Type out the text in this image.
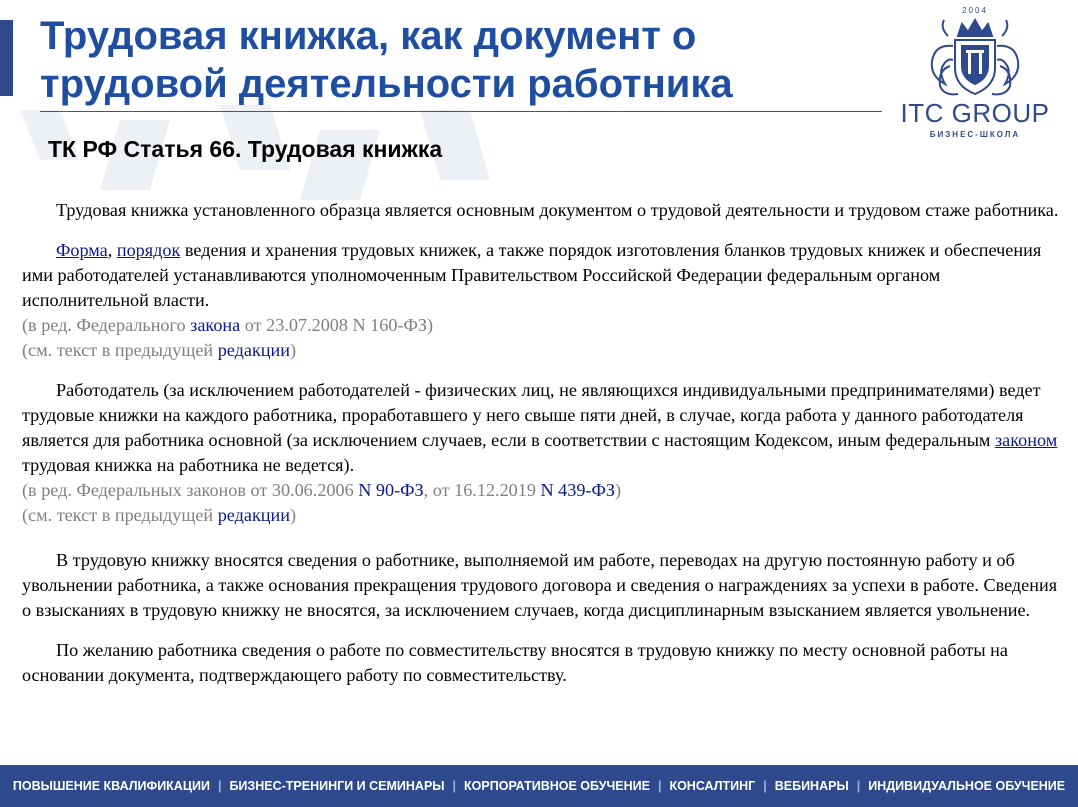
Трудовая книжка, как документ о трудовой деятельности работника
2004
ITC GROUP
БИЗНЕС-ШКОЛА
ТК РФ Статья 66. Трудовая книжка

Трудовая книжка установленного образца является основным документом о трудовой деятельности и трудовом стаже работника.

Форма, порядок ведения и хранения трудовых книжек, а также порядок изготовления бланков трудовых книжек и обеспечения ими работодателей устанавливаются уполномоченным Правительством Российской Федерации федеральным органом исполнительной власти.

(в ред. Федерального закона от 23.07.2008 N 160-ФЗ)

(см. текст в предыдущей редакции)

Работодатель (за исключением работодателей - физических лиц, не являющихся индивидуальными предпринимателями) ведет трудовые книжки на каждого работника, проработавшего у него свыше пяти дней, в случае, когда работа у данного работодателя является для работника основной (за исключением случаев, если в соответствии с настоящим Кодексом, иным федеральным законом трудовая книжка на работника не ведется).

(в ред. Федеральных законов от 30.06.2006 N 90-ФЗ, от 16.12.2019 N 439-ФЗ)

(см. текст в предыдущей редакции)

В трудовую книжку вносятся сведения о работнике, выполняемой им работе, переводах на другую постоянную работу и об увольнении работника, а также основания прекращения трудового договора и сведения о награждениях за успехи в работе. Сведения о взысканиях в трудовую книжку не вносятся, за исключением случаев, когда дисциплинарным взысканием является увольнение.

По желанию работника сведения о работе по совместительству вносятся в трудовую книжку по месту основной работы на основании документа, подтверждающего работу по совместительству.

ПОВЫШЕНИЕ КВАЛИФИКАЦИИ | БИЗНЕС-ТРЕНИНГИ И СЕМИНАРЫ | КОРПОРАТИВНОЕ ОБУЧЕНИЕ | КОНСАЛТИНГ | ВЕБИНАРЫ | ИНДИВИДУАЛЬНОЕ ОБУЧЕНИЕ
